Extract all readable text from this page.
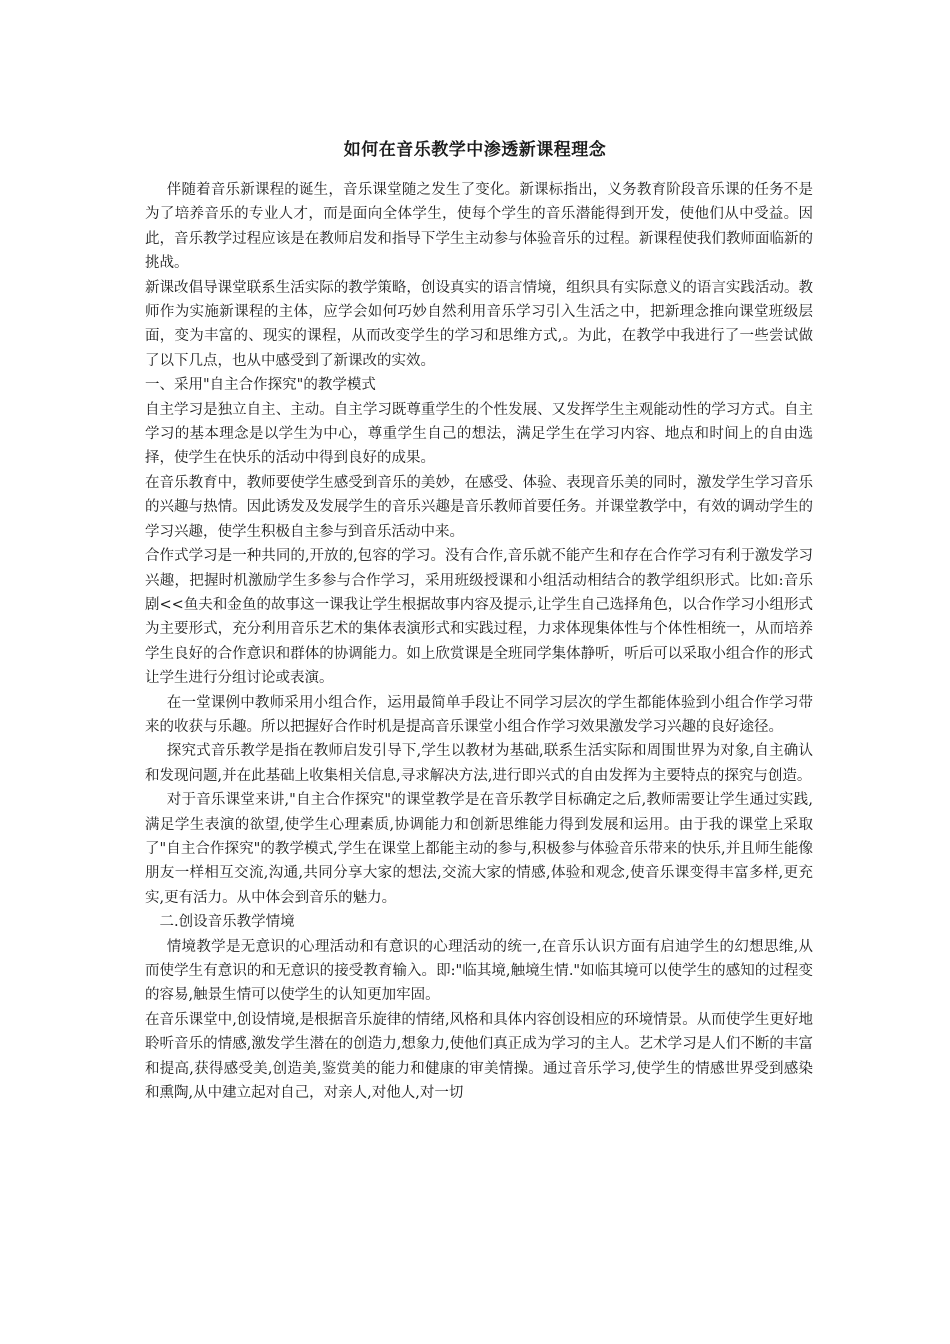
如何在音乐教学中渗透新课程理念

伴随着音乐新课程的诞生，音乐课堂随之发生了变化。新课标指出，义务教育阶段音乐课的任务不是为了培养音乐的专业人才，而是面向全体学生，使每个学生的音乐潜能得到开发，使他们从中受益。因此，音乐教学过程应该是在教师启发和指导下学生主动参与体验音乐的过程。新课程使我们教师面临新的挑战。

新课改倡导课堂联系生活实际的教学策略，创设真实的语言情境，组织具有实际意义的语言实践活动。教师作为实施新课程的主体，应学会如何巧妙自然利用音乐学习引入生活之中，把新理念推向课堂班级层面，变为丰富的、现实的课程，从而改变学生的学习和思维方式,。为此，在教学中我进行了一些尝试做了以下几点，也从中感受到了新课改的实效。

一、采用"自主合作探究"的教学模式

自主学习是独立自主、主动。自主学习既尊重学生的个性发展、又发挥学生主观能动性的学习方式。自主学习的基本理念是以学生为中心，尊重学生自己的想法，满足学生在学习内容、地点和时间上的自由选择，使学生在快乐的活动中得到良好的成果。

在音乐教育中，教师要使学生感受到音乐的美妙，在感受、体验、表现音乐美的同时，激发学生学习音乐的兴趣与热情。因此诱发及发展学生的音乐兴趣是音乐教师首要任务。并课堂教学中，有效的调动学生的学习兴趣，使学生积极自主参与到音乐活动中来。

合作式学习是一种共同的,开放的,包容的学习。没有合作,音乐就不能产生和存在合作学习有利于激发学习兴趣，把握时机激励学生多参与合作学习，采用班级授课和小组活动相结合的教学组织形式。比如:音乐剧<<鱼夫和金鱼的故事这一课我让学生根据故事内容及提示,让学生自己选择角色，以合作学习小组形式为主要形式，充分利用音乐艺术的集体表演形式和实践过程，力求体现集体性与个体性相统一，从而培养学生良好的合作意识和群体的协调能力。如上欣赏课是全班同学集体静听，听后可以采取小组合作的形式让学生进行分组讨论或表演。

在一堂课例中教师采用小组合作，运用最简单手段让不同学习层次的学生都能体验到小组合作学习带来的收获与乐趣。所以把握好合作时机是提高音乐课堂小组合作学习效果激发学习兴趣的良好途径。

探究式音乐教学是指在教师启发引导下,学生以教材为基础,联系生活实际和周围世界为对象,自主确认和发现问题,并在此基础上收集相关信息,寻求解决方法,进行即兴式的自由发挥为主要特点的探究与创造。

对于音乐课堂来讲,"自主合作探究"的课堂教学是在音乐教学目标确定之后,教师需要让学生通过实践,满足学生表演的欲望,使学生心理素质,协调能力和创新思维能力得到发展和运用。由于我的课堂上采取了"自主合作探究"的教学模式,学生在课堂上都能主动的参与,积极参与体验音乐带来的快乐,并且师生能像朋友一样相互交流,沟通,共同分享大家的想法,交流大家的情感,体验和观念,使音乐课变得丰富多样,更充实,更有活力。从中体会到音乐的魅力。

二.创设音乐教学情境

情境教学是无意识的心理活动和有意识的心理活动的统一,在音乐认识方面有启迪学生的幻想思维,从而使学生有意识的和无意识的接受教育输入。即:"临其境,触境生情."如临其境可以使学生的感知的过程变的容易,触景生情可以使学生的认知更加牢固。

在音乐课堂中,创设情境,是根据音乐旋律的情绪,风格和具体内容创设相应的环境情景。从而使学生更好地聆听音乐的情感,激发学生潜在的创造力,想象力,使他们真正成为学习的主人。艺术学习是人们不断的丰富和提高,获得感受美,创造美,鉴赏美的能力和健康的审美情操。通过音乐学习,使学生的情感世界受到感染和熏陶,从中建立起对自己，对亲人,对他人,对一切
